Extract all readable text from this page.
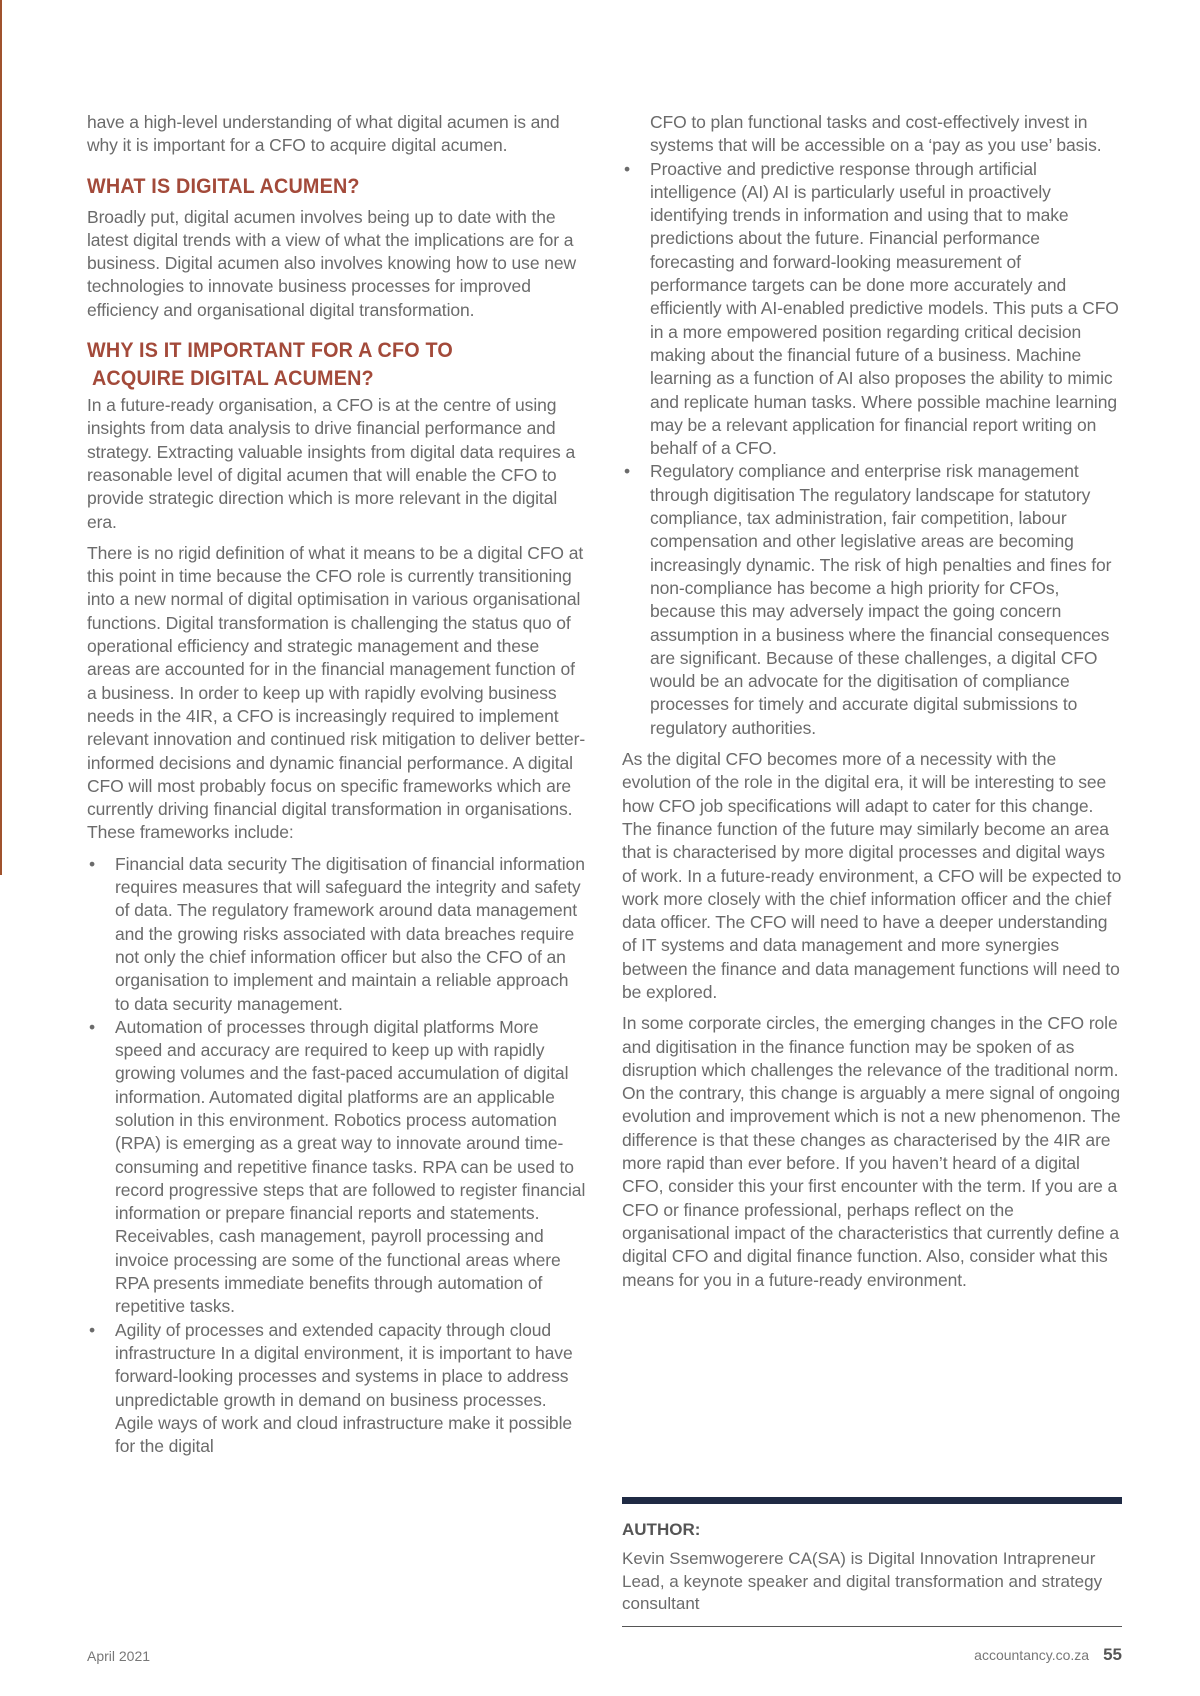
have a high-level understanding of what digital acumen is and why it is important for a CFO to acquire digital acumen.

WHAT IS DIGITAL ACUMEN?

Broadly put, digital acumen involves being up to date with the latest digital trends with a view of what the implications are for a business. Digital acumen also involves knowing how to use new technologies to innovate business processes for improved efficiency and organisational digital transformation.

WHY IS IT IMPORTANT FOR A CFO TO
ACQUIRE DIGITAL ACUMEN?

In a future-ready organisation, a CFO is at the centre of using insights from data analysis to drive financial performance and strategy. Extracting valuable insights from digital data requires a reasonable level of digital acumen that will enable the CFO to provide strategic direction which is more relevant in the digital era.

There is no rigid definition of what it means to be a digital CFO at this point in time because the CFO role is currently transitioning into a new normal of digital optimisation in various organisational functions. Digital transformation is challenging the status quo of operational efficiency and strategic management and these areas are accounted for in the financial management function of a business. In order to keep up with rapidly evolving business needs in the 4IR, a CFO is increasingly required to implement relevant innovation and continued risk mitigation to deliver better-informed decisions and dynamic financial performance. A digital CFO will most probably focus on specific frameworks which are currently driving financial digital transformation in organisations. These frameworks include:

• Financial data security The digitisation of financial information requires measures that will safeguard the integrity and safety of data. The regulatory framework around data management and the growing risks associated with data breaches require not only the chief information officer but also the CFO of an organisation to implement and maintain a reliable approach to data security management.
• Automation of processes through digital platforms More speed and accuracy are required to keep up with rapidly growing volumes and the fast-paced accumulation of digital information. Automated digital platforms are an applicable solution in this environment. Robotics process automation (RPA) is emerging as a great way to innovate around time-consuming and repetitive finance tasks. RPA can be used to record progressive steps that are followed to register financial information or prepare financial reports and statements. Receivables, cash management, payroll processing and invoice processing are some of the functional areas where RPA presents immediate benefits through automation of repetitive tasks.
• Agility of processes and extended capacity through cloud infrastructure In a digital environment, it is important to have forward-looking processes and systems in place to address unpredictable growth in demand on business processes. Agile ways of work and cloud infrastructure make it possible for the digital

CFO to plan functional tasks and cost-effectively invest in systems that will be accessible on a ‘pay as you use’ basis.

• Proactive and predictive response through artificial intelligence (AI) AI is particularly useful in proactively identifying trends in information and using that to make predictions about the future. Financial performance forecasting and forward-looking measurement of performance targets can be done more accurately and efficiently with AI-enabled predictive models. This puts a CFO in a more empowered position regarding critical decision making about the financial future of a business. Machine learning as a function of AI also proposes the ability to mimic and replicate human tasks. Where possible machine learning may be a relevant application for financial report writing on behalf of a CFO.
• Regulatory compliance and enterprise risk management through digitisation The regulatory landscape for statutory compliance, tax administration, fair competition, labour compensation and other legislative areas are becoming increasingly dynamic. The risk of high penalties and fines for non-compliance has become a high priority for CFOs, because this may adversely impact the going concern assumption in a business where the financial consequences are significant. Because of these challenges, a digital CFO would be an advocate for the digitisation of compliance processes for timely and accurate digital submissions to regulatory authorities.

As the digital CFO becomes more of a necessity with the evolution of the role in the digital era, it will be interesting to see how CFO job specifications will adapt to cater for this change. The finance function of the future may similarly become an area that is characterised by more digital processes and digital ways of work. In a future-ready environment, a CFO will be expected to work more closely with the chief information officer and the chief data officer. The CFO will need to have a deeper understanding of IT systems and data management and more synergies between the finance and data management functions will need to be explored.

In some corporate circles, the emerging changes in the CFO role and digitisation in the finance function may be spoken of as disruption which challenges the relevance of the traditional norm. On the contrary, this change is arguably a mere signal of ongoing evolution and improvement which is not a new phenomenon. The difference is that these changes as characterised by the 4IR are more rapid than ever before. If you haven’t heard of a digital CFO, consider this your first encounter with the term. If you are a CFO or finance professional, perhaps reflect on the organisational impact of the characteristics that currently define a digital CFO and digital finance function. Also, consider what this means for you in a future-ready environment.

AUTHOR:
Kevin Ssemwogerere CA(SA) is Digital Innovation Intrapreneur Lead, a keynote speaker and digital transformation and strategy consultant
April 2021	accountancy.co.za 55
